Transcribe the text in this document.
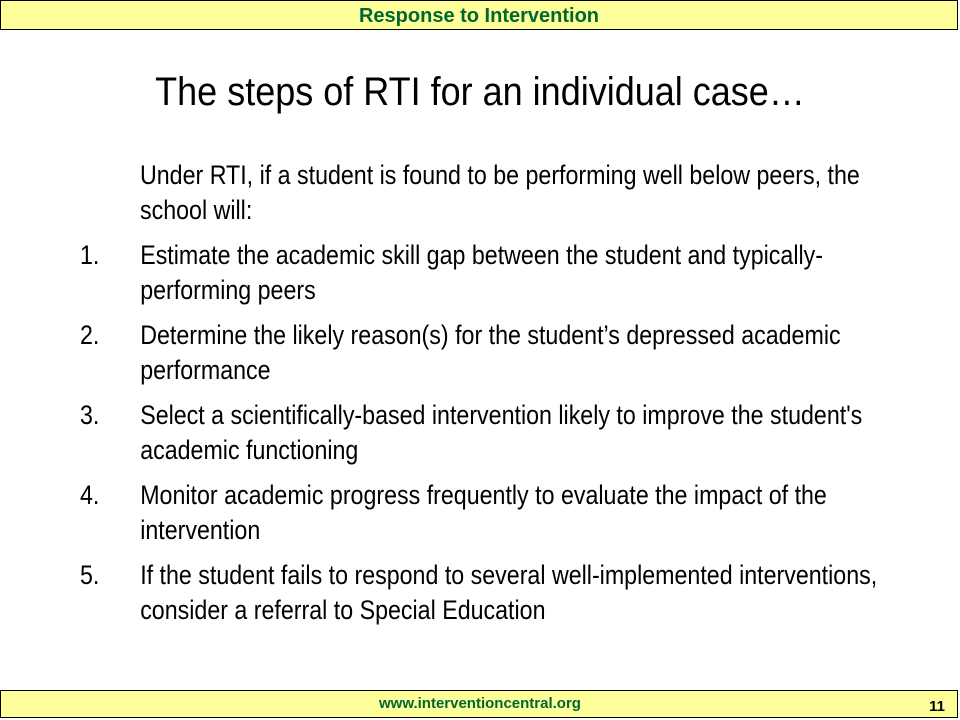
Response to Intervention
The steps of RTI for an individual case…
Under RTI, if a student is found to be performing well below peers, the school will:
1.	Estimate the academic skill gap between the student and typically-performing peers
2.	Determine the likely reason(s) for the student’s depressed academic performance
3.	Select a scientifically-based intervention likely to improve the student's academic functioning
4.	Monitor academic progress frequently to evaluate the impact of the intervention
5.	If the student fails to respond to several well-implemented interventions, consider a referral to Special Education
www.interventioncentral.org	11
